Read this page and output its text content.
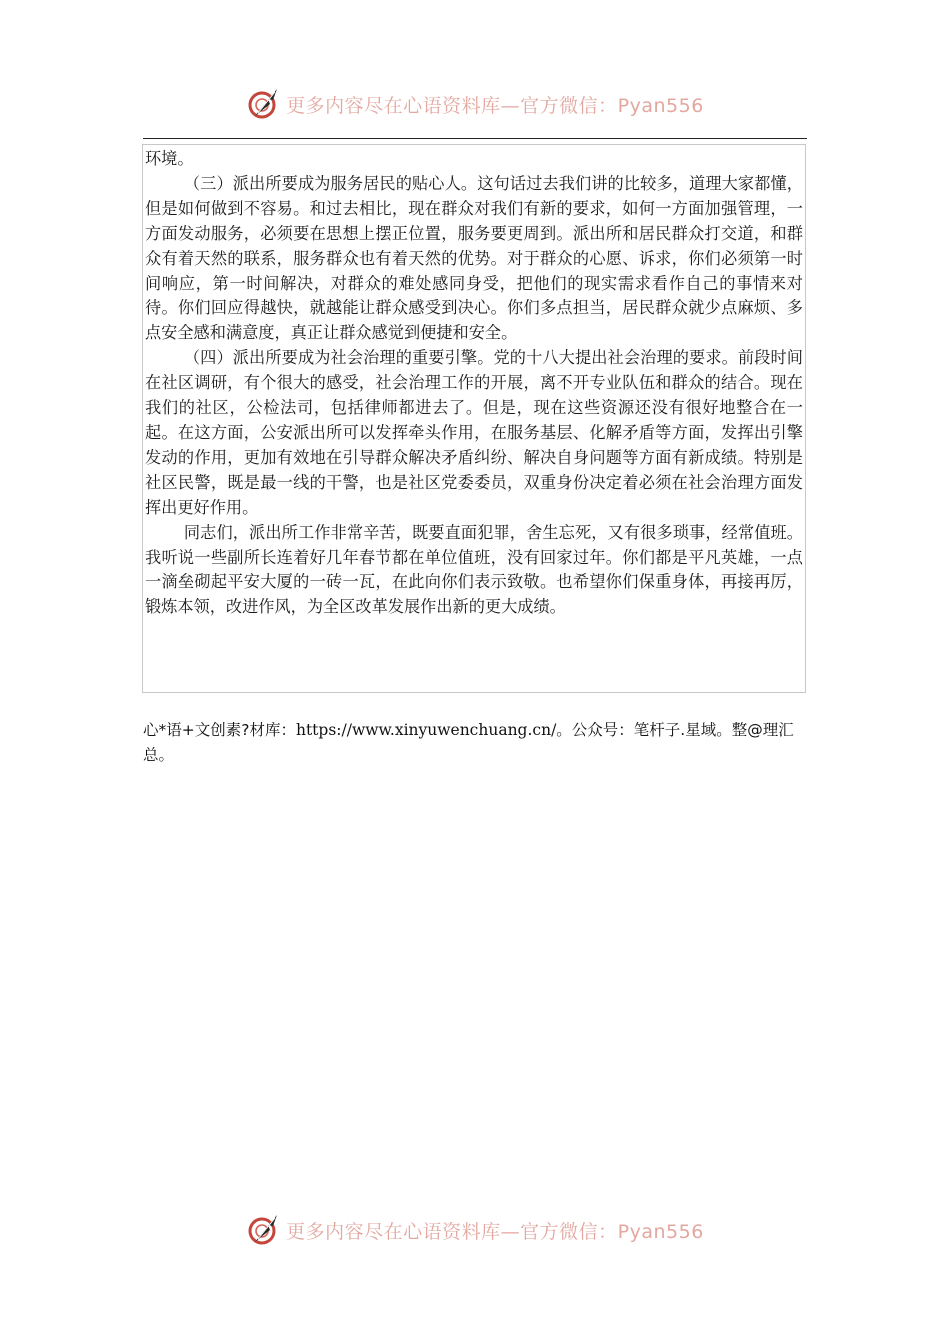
更多内容尽在心语资料库—官方微信：Pyan556

环境。

（三）派出所要成为服务居民的贴心人。这句话过去我们讲的比较多，道理大家都懂，但是如何做到不容易。和过去相比，现在群众对我们有新的要求，如何一方面加强管理，一方面发动服务，必须要在思想上摆正位置，服务要更周到。派出所和居民群众打交道，和群众有着天然的联系，服务群众也有着天然的优势。对于群众的心愿、诉求，你们必须第一时间响应，第一时间解决，对群众的难处感同身受，把他们的现实需求看作自己的事情来对待。你们回应得越快，就越能让群众感受到决心。你们多点担当，居民群众就少点麻烦、多点安全感和满意度，真正让群众感觉到便捷和安全。

（四）派出所要成为社会治理的重要引擎。党的十八大提出社会治理的要求。前段时间在社区调研，有个很大的感受，社会治理工作的开展，离不开专业队伍和群众的结合。现在我们的社区，公检法司，包括律师都进去了。但是，现在这些资源还没有很好地整合在一起。在这方面，公安派出所可以发挥牵头作用，在服务基层、化解矛盾等方面，发挥出引擎发动的作用，更加有效地在引导群众解决矛盾纠纷、解决自身问题等方面有新成绩。特别是社区民警，既是最一线的干警，也是社区党委委员，双重身份决定着必须在社会治理方面发挥出更好作用。

同志们，派出所工作非常辛苦，既要直面犯罪，舍生忘死，又有很多琐事，经常值班。我听说一些副所长连着好几年春节都在单位值班，没有回家过年。你们都是平凡英雄，一点一滴垒砌起平安大厦的一砖一瓦，在此向你们表示致敬。也希望你们保重身体，再接再厉，锻炼本领，改进作风，为全区改革发展作出新的更大成绩。

心*语+文创素?材库：https://www.xinyuwenchuang.cn/。公众号：笔杆子.星域。整@理汇总。
更多内容尽在心语资料库—官方微信：Pyan556
